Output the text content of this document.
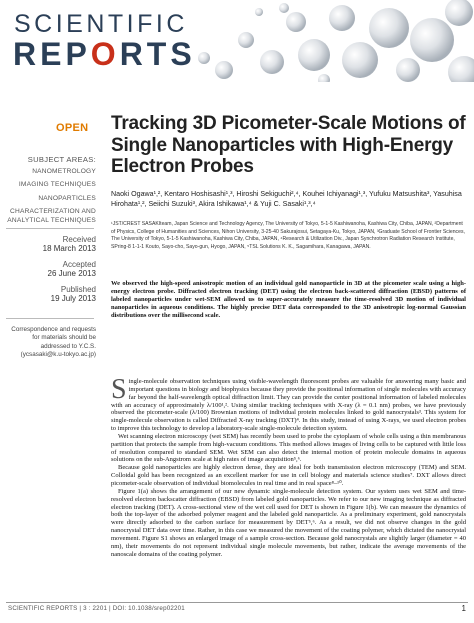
SCIENTIFIC
REPORTS
OPEN
SUBJECT AREAS:
NANOMETROLOGY
IMAGING TECHNIQUES
NANOPARTICLES
CHARACTERIZATION AND ANALYTICAL TECHNIQUES
Received
18 March 2013
Accepted
26 June 2013
Published
19 July 2013
Correspondence and requests for materials should be addressed to Y.C.S. (ycsasaki@k.u-tokyo.ac.jp)
Tracking 3D Picometer-Scale Motions of Single Nanoparticles with High-Energy Electron Probes
Naoki Ogawa¹,², Kentaro Hoshisashi¹,³, Hiroshi Sekiguchi²,⁴, Kouhei Ichiyanagi¹,³, Yufuku Matsushita³, Yasuhisa Hirohata¹,², Seiichi Suzuki³, Akira Ishikawa¹,⁴ & Yuji C. Sasaki¹,³,⁴
¹JST/CREST SASAKIteam, Japan Science and Technology Agency, The University of Tokyo, 5-1-5 Kashiwanoha, Kashiwa City, Chiba, JAPAN, ²Department of Physics, College of Humanities and Sciences, Nihon University, 3-25-40 Sakurajosui, Setagaya-Ku, Tokyo, JAPAN, ³Graduate School of Frontier Sciences, The University of Tokyo, 5-1-5 Kashiwanoha, Kashiwa City, Chiba, JAPAN, ⁴Research & Utilization Div., Japan Synchrotron Radiation Research Institute, SPring-8 1-1-1 Kouto, Sayo-cho, Sayo-gun, Hyogo, JAPAN, ⁵TSL Solutions K. K., Sagamihara, Kanagawa, JAPAN.
We observed the high-speed anisotropic motion of an individual gold nanoparticle in 3D at the picometer scale using a high-energy electron probe. Diffracted electron tracking (DET) using the electron back-scattered diffraction (EBSD) patterns of labeled nanoparticles under wet-SEM allowed us to super-accurately measure the time-resolved 3D motion of individual nanoparticles in aqueous conditions. The highly precise DET data corresponded to the 3D anisotropic log-normal Gaussian distributions over the millisecond scale.

Single-molecule observation techniques using visible-wavelength fluorescent probes are valuable for answering many basic and important questions in biology and biophysics because they provide the positional information of single molecules with accuracy far beyond the half-wavelength optical diffraction limit. They can provide the center positional information of labeled molecules with an accuracy of approximately λ/100¹,². Using similar tracking techniques with X-ray (λ = 0.1 nm) probes, we have previously observed the picometer-scale (λ/100) Brownian motions of individual protein molecules linked to gold nanocrystals³. This system for single-molecule observation is called Diffracted X-ray tracking (DXT)⁴. In this study, instead of using X-rays, we used electron probes to improve this technology to develop a laboratory-scale single-molecule detection system.

Wet scanning electron microscopy (wet SEM) has recently been used to probe the cytoplasm of whole cells using a thin membranous partition that protects the sample from high-vacuum conditions. This method allows images of living cells to be captured with little loss of resolution compared to standard SEM. Wet SEM can also detect the internal motion of protein molecule domains in aqueous solutions on the sub-Angstrom scale at high rates of image acquisition⁵,⁶.

Because gold nanoparticles are highly electron dense, they are ideal for both transmission electron microscopy (TEM) and SEM. Colloidal gold has been recognized as an excellent marker for use in cell biology and materials science studies⁷. DXT allows direct picometer-scale observation of individual biomolecules in real time and in real space⁸–¹⁰.

Figure 1(a) shows the arrangement of our new dynamic single-molecule detection system. Our system uses wet SEM and time-resolved electron backscatter diffraction (EBSD) from labeled gold nanoparticles. We refer to our new imaging technique as diffracted electron tracking (DET). A cross-sectional view of the wet cell used for DET is shown in Figure 1(b). We can measure the dynamics of both the top-layer of the adsorbed polymer reagent and the labeled gold nanoparticle. As a preliminary experiment, gold nanocrystals were directly adsorbed to the carbon surface for measurement by DET⁵,⁶. As a result, we did not observe changes in the gold nanocrystal DET data over time. Rather, in this case we measured the movement of the coating polymer, which dictated the nanocrystal movement. Figure S1 shows an enlarged image of a sample cross-section. Because gold nanocrystals are slightly larger (diameter = 40 nm), their movements do not represent individual single molecule movements, but rather, indicate the average movements of the nanoscale domains of the coating polymer.

SCIENTIFIC REPORTS | 3 : 2201 | DOI: 10.1038/srep02201	1
